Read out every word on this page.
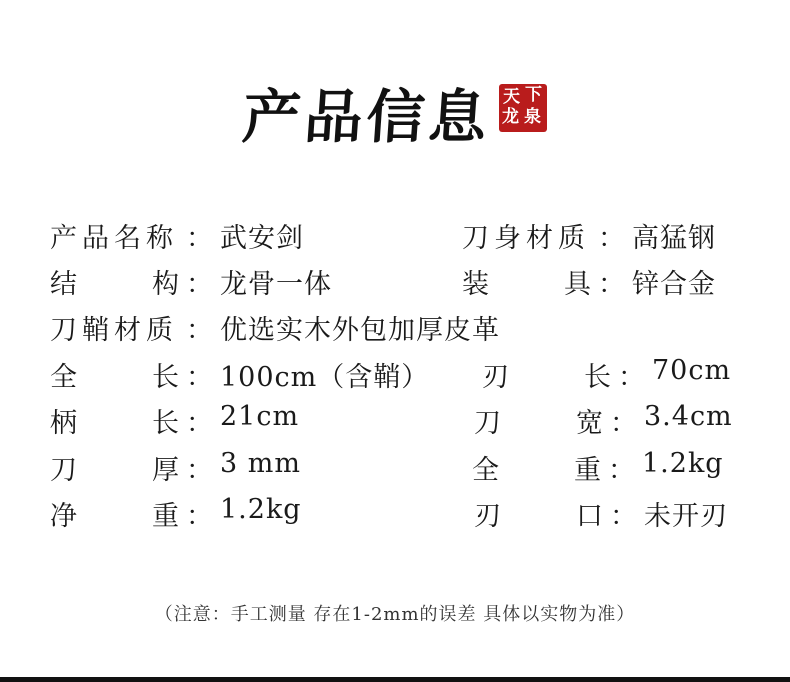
产品信息 天 下
龙 泉
产品名称 ： 武安剑	刀身材质 ： 高猛钢
结	构 ： 龙骨一体	装	具 ： 锌合金
刀鞘材质 ： 优选实木外包加厚皮革
全	长 ： 100cm（含鞘） 刃	长 ： 70cm
柄	长 ： 21cm	刀	宽 ： 3.4cm
刀	厚 ： 3 mm	全	重 ： 1.2kg
净	重 ： 1.2kg	刃	口 ： 未开刃
（注意：手工测量 存在1-2mm的误差 具体以实物为准）
